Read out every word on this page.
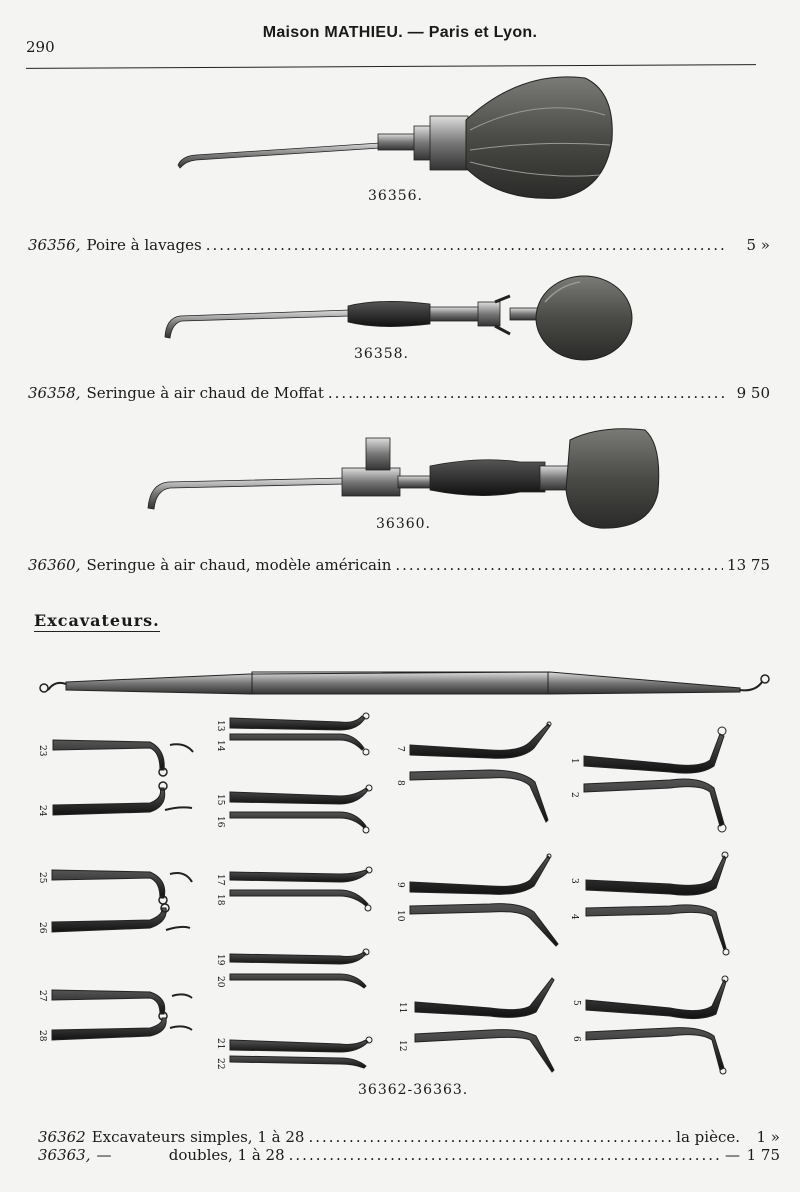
290
Maison MATHIEU. — Paris et Lyon.
23
24
25
26
27
28
13
14
15
16
17
18
19
20
21
22
7
8
9
10
11
12
1
2
3
4
5
6
36356.
36358.
36360.
36362-36363.
36356, Poire à lavages .....	5 »
36358, Seringue à air chaud de Moffat .....	9 50
36360, Seringue à air chaud, modèle américain .....	13 75
Excavateurs.
36362 Excavateurs simples, 1 à 28 .....	la pièce.	1 »
36363, —            doubles, 1 à 28 .....	— 1 75
